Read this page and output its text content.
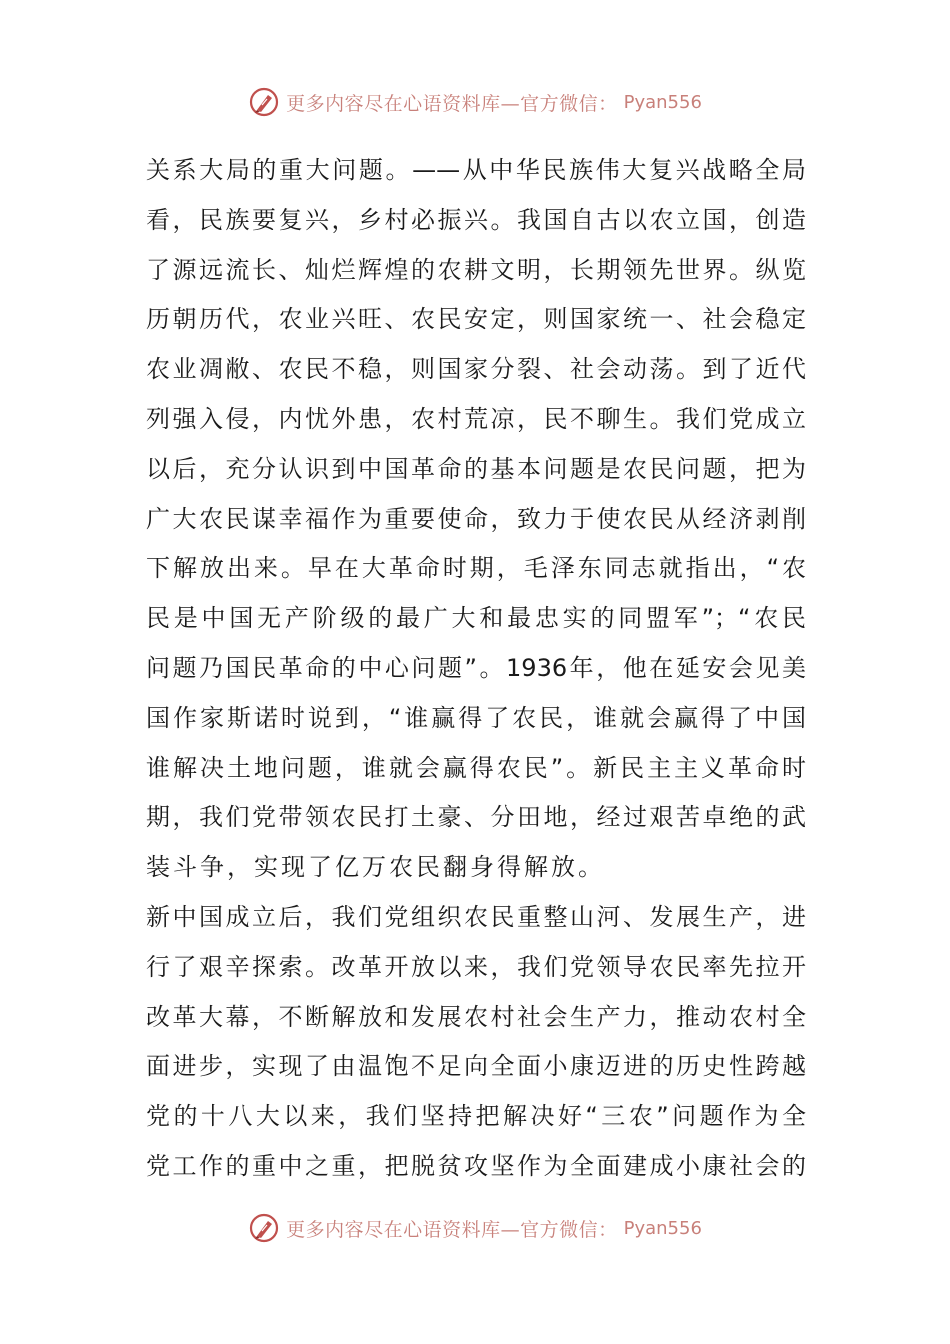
更多内容尽在心语资料库—官方微信： Pyan556
关系大局的重大问题。——从中华民族伟大复兴战略全局
看，民族要复兴，乡村必振兴。我国自古以农立国，创造
了源远流长、灿烂辉煌的农耕文明，长期领先世界。纵览
历朝历代，农业兴旺、农民安定，则国家统一、社会稳定
农业凋敝、农民不稳，则国家分裂、社会动荡。到了近代
列强入侵，内忧外患，农村荒凉，民不聊生。我们党成立
以后，充分认识到中国革命的基本问题是农民问题，把为
广大农民谋幸福作为重要使命，致力于使农民从经济剥削
下解放出来。早在大革命时期，毛泽东同志就指出，“农
民是中国无产阶级的最广大和最忠实的同盟军”；“农民
问题乃国民革命的中心问题”。1936年，他在延安会见美
国作家斯诺时说到，“谁赢得了农民，谁就会赢得了中国
谁解决土地问题，谁就会赢得农民”。新民主主义革命时
期，我们党带领农民打土豪、分田地，经过艰苦卓绝的武
装斗争，实现了亿万农民翻身得解放。
新中国成立后，我们党组织农民重整山河、发展生产，进
行了艰辛探索。改革开放以来，我们党领导农民率先拉开
改革大幕，不断解放和发展农村社会生产力，推动农村全
面进步，实现了由温饱不足向全面小康迈进的历史性跨越
党的十八大以来，我们坚持把解决好“三农”问题作为全
党工作的重中之重，把脱贫攻坚作为全面建成小康社会的
更多内容尽在心语资料库—官方微信： Pyan556
